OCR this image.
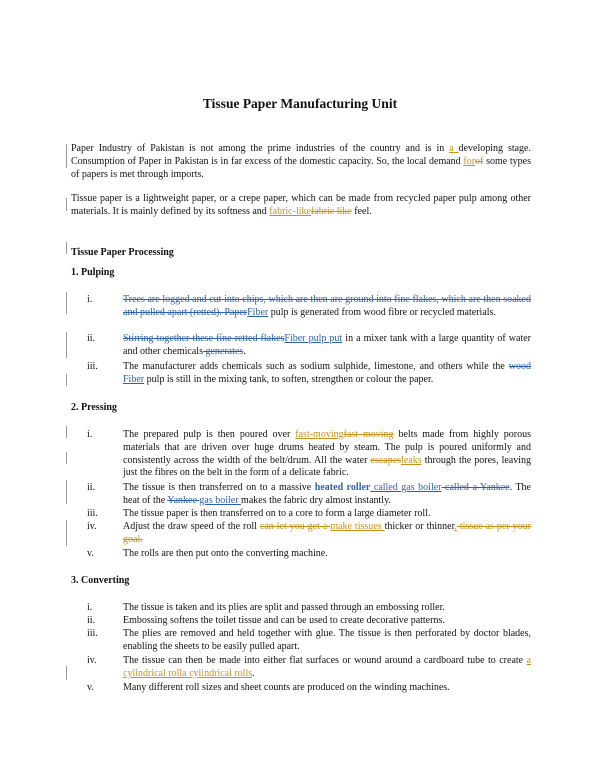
Tissue Paper Manufacturing Unit
Paper Industry of Pakistan is not among the prime industries of the country and is in a developing stage. Consumption of Paper in Pakistan is in far excess of the domestic capacity. So, the local demand forof some types of papers is met through imports.
Tissue paper is a lightweight paper, or a crepe paper, which can be made from recycled paper pulp among other materials. It is mainly defined by its softness and fabric-likefabric like feel.
Tissue Paper Processing
1. Pulping
i.	Trees are logged and cut into chips, which are then are ground into fine flakes, which are then soaked and pulled apart (retted). PaperFiber pulp is generated from wood fibre or recycled materials.
ii.	Stirring together these fine retted flakesFiber pulp put in a mixer tank with a large quantity of water and other chemicals generates.
iii.	The manufacturer adds chemicals such as sodium sulphide, limestone, and others while the wood Fiber pulp is still in the mixing tank, to soften, strengthen or colour the paper.
2. Pressing
i.	The prepared pulp is then poured over fast-movingfast moving belts made from highly porous materials that are driven over huge drums heated by steam. The pulp is poured uniformly and consistently across the width of the belt/drum. All the water escapesleaks through the pores, leaving just the fibres on the belt in the form of a delicate fabric.
ii.	The tissue is then transferred on to a massive heated roller called gas boiler called a Yankee. The heat of the Yankee gas boiler makes the fabric dry almost instantly.
iii.	The tissue paper is then transferred on to a core to form a large diameter roll.
iv.	Adjust the draw speed of the roll can let you get a make tissues thicker or thinner. tissue as per your goal.
v.	The rolls are then put onto the converting machine.
3. Converting
i.	The tissue is taken and its plies are split and passed through an embossing roller.
ii.	Embossing softens the toilet tissue and can be used to create decorative patterns.
iii.	The plies are removed and held together with glue. The tissue is then perforated by doctor blades, enabling the sheets to be easily pulled apart.
iv.	The tissue can then be made into either flat surfaces or wound around a cardboard tube to create a cylindrical rolla cylindrical rolls.
v.	Many different roll sizes and sheet counts are produced on the winding machines.
